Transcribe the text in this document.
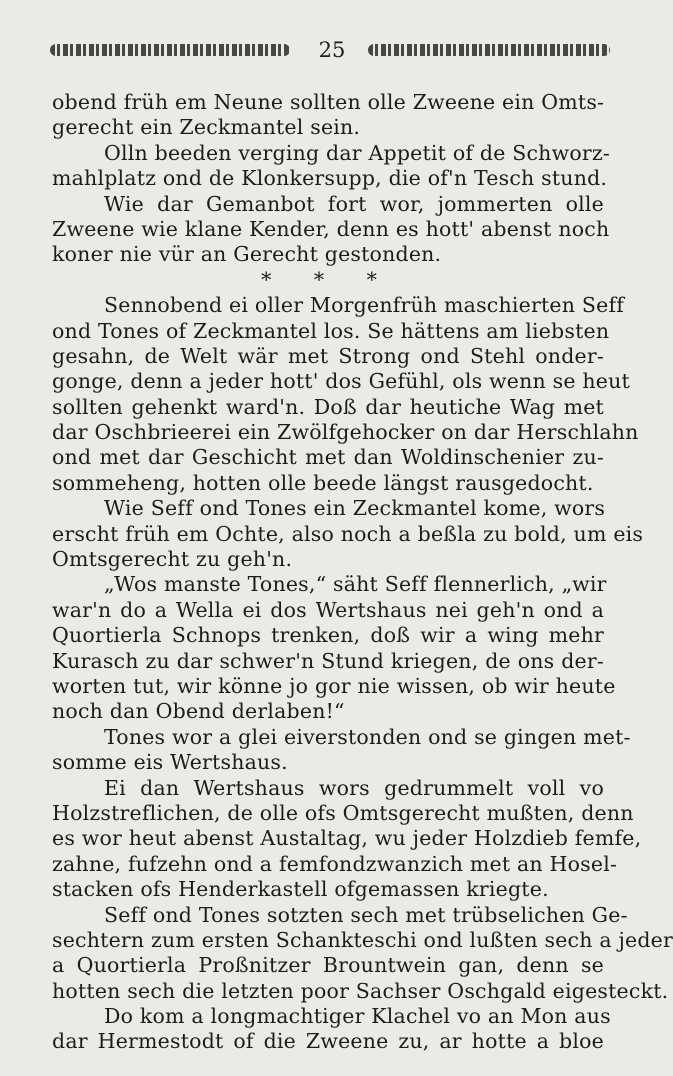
25
obend früh em Neune sollten olle Zweene ein Omts-
gerecht ein Zeckmantel sein.
Olln beeden verging dar Appetit of de Schworz-
mahlplatz ond de Klonkersupp, die of'n Tesch stund.
Wie dar Gemanbot fort wor, jommerten olle
Zweene wie klane Kender, denn es hott' abenst noch
koner nie vür an Gerecht gestonden.
* * *
Sennobend ei oller Morgenfrüh maschierten Seff
ond Tones of Zeckmantel los. Se hättens am liebsten
gesahn, de Welt wär met Strong ond Stehl onder-
gonge, denn a jeder hott' dos Gefühl, ols wenn se heut
sollten gehenkt ward'n. Doß dar heutiche Wag met
dar Oschbrieerei ein Zwölfgehocker on dar Herschlahn
ond met dar Geschicht met dan Woldinschenier zu-
sommeheng, hotten olle beede längst rausgedocht.
Wie Seff ond Tones ein Zeckmantel kome, wors
erscht früh em Ochte, also noch a beßla zu bold, um eis
Omtsgerecht zu geh'n.
„Wos manste Tones,“ säht Seff flennerlich, „wir
war'n do a Wella ei dos Wertshaus nei geh'n ond a
Quortierla Schnops trenken, doß wir a wing mehr
Kurasch zu dar schwer'n Stund kriegen, de ons der-
worten tut, wir könne jo gor nie wissen, ob wir heute
noch dan Obend derlaben!“
Tones wor a glei eiverstonden ond se gingen met-
somme eis Wertshaus.
Ei dan Wertshaus wors gedrummelt voll vo
Holzstreflichen, de olle ofs Omtsgerecht mußten, denn
es wor heut abenst Austaltag, wu jeder Holzdieb femfe,
zahne, fufzehn ond a femfondzwanzich met an Hosel-
stacken ofs Henderkastell ofgemassen kriegte.
Seff ond Tones sotzten sech met trübselichen Ge-
sechtern zum ersten Schankteschi ond lußten sech a jeder
a Quortierla Proßnitzer Brountwein gan, denn se
hotten sech die letzten poor Sachser Oschgald eigesteckt.
Do kom a longmachtiger Klachel vo an Mon aus
dar Hermestodt of die Zweene zu, ar hotte a bloe
